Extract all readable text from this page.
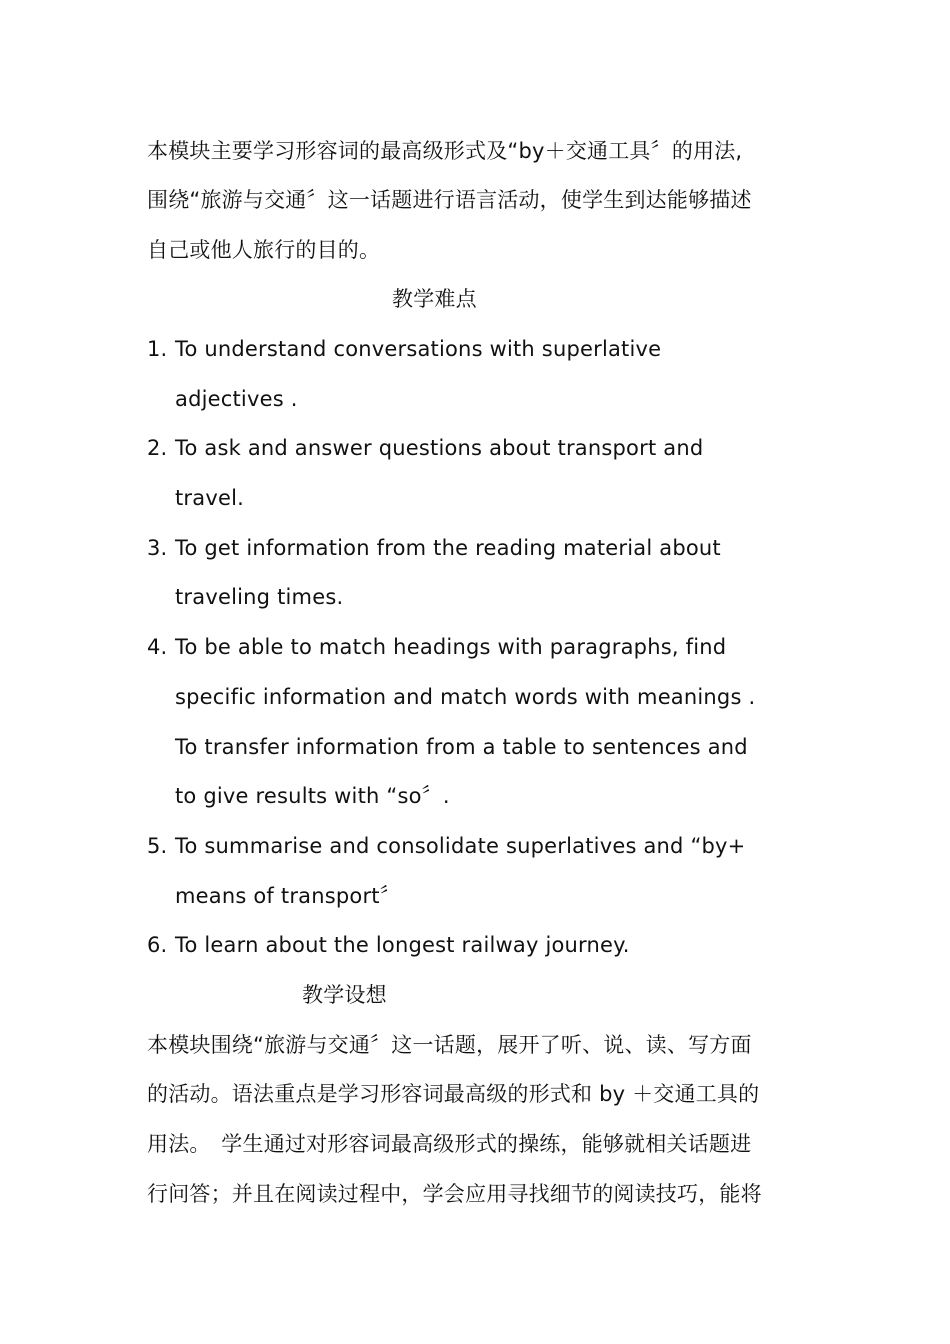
本模块主要学习形容词的最高级形式及“by＋交通工具〞的用法,
围绕“旅游与交通〞这一话题进行语言活动，使学生到达能够描述
自己或他人旅行的目的。
教学难点
1. To understand conversations with superlative
adjectives .
2. To ask and answer questions about transport and
travel.
3. To get information from the reading material about
traveling times.
4. To be able to match headings with paragraphs, find
specific information and match words with meanings .
To transfer information from a table to sentences and
to give results with “so〞.
5. To summarise and consolidate superlatives and “by+
means of transport〞
6. To learn about the longest railway journey.
教学设想
本模块围绕“旅游与交通〞这一话题，展开了听、说、读、写方面
的活动。语法重点是学习形容词最高级的形式和 by ＋交通工具的
用法。　学生通过对形容词最高级形式的操练，能够就相关话题进
行问答；并且在阅读过程中，学会应用寻找细节的阅读技巧，能将
